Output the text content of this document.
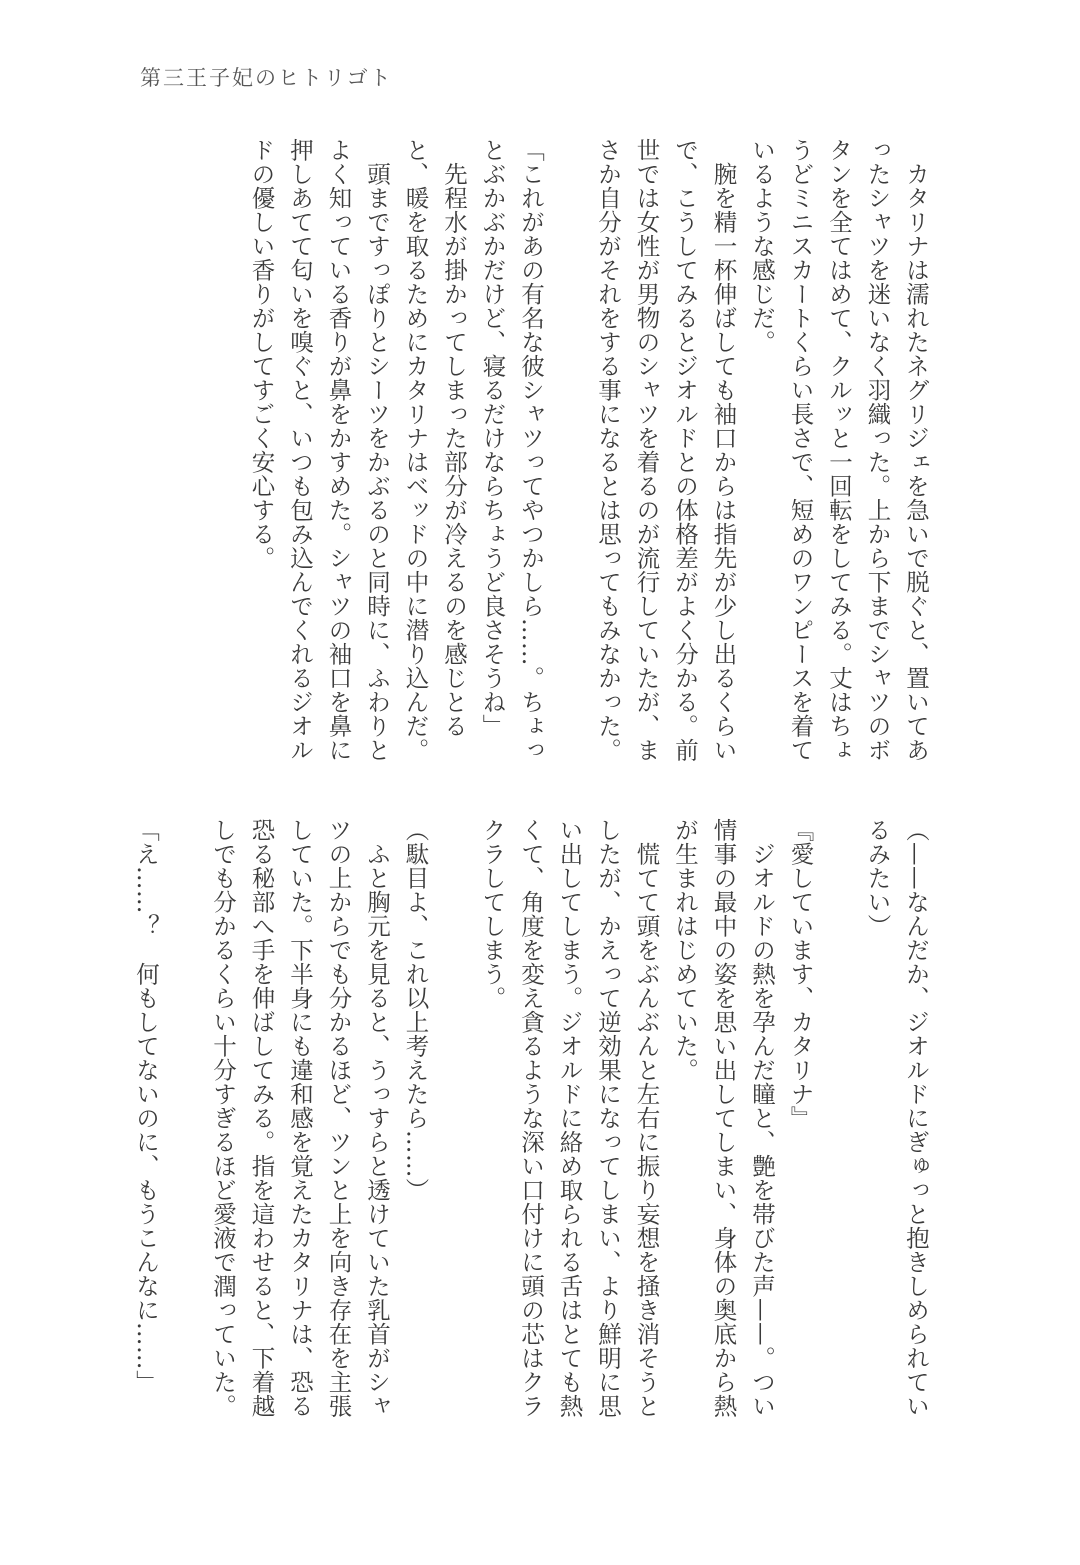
第三王子妃のヒトリゴト

カタリナは濡れたネグリジェを急いで脱ぐと、置いてあったシャツを迷いなく羽織った。上から下までシャツのボタンを全てはめて、クルッと一回転をしてみる。丈はちょうどミニスカートくらい長さで、短めのワンピースを着ているような感じだ。

腕を精一杯伸ばしても袖口からは指先が少し出るくらいで、こうしてみるとジオルドとの体格差がよく分かる。前世では女性が男物のシャツを着るのが流行していたが、まさか自分がそれをする事になるとは思ってもみなかった。

「これがあの有名な彼シャツってやつかしら……。ちょっとぶかぶかだけど、寝るだけならちょうど良さそうね」

先程水が掛かってしまった部分が冷えるのを感じとると、暖を取るためにカタリナはベッドの中に潜り込んだ。

頭まですっぽりとシーツをかぶるのと同時に、ふわりとよく知っている香りが鼻をかすめた。シャツの袖口を鼻に押しあてて匂いを嗅ぐと、いつも包み込んでくれるジオルドの優しい香りがしてすごく安心する。

（——なんだか、ジオルドにぎゅっと抱きしめられているみたい）

『愛しています、カタリナ』

ジオルドの熱を孕んだ瞳と、艶を帯びた声——。つい情事の最中の姿を思い出してしまい、身体の奥底から熱が生まれはじめていた。

慌てて頭をぶんぶんと左右に振り妄想を掻き消そうとしたが、かえって逆効果になってしまい、より鮮明に思い出してしまう。ジオルドに絡め取られる舌はとても熱くて、角度を変え貪るような深い口付けに頭の芯はクラクラしてしまう。

（駄目よ、これ以上考えたら……）

ふと胸元を見ると、うっすらと透けていた乳首がシャツの上からでも分かるほど、ツンと上を向き存在を主張していた。下半身にも違和感を覚えたカタリナは、恐る恐る秘部へ手を伸ばしてみる。指を這わせると、下着越しでも分かるくらい十分すぎるほど愛液で潤っていた。

「え……？　何もしてないのに、もうこんなに……」
